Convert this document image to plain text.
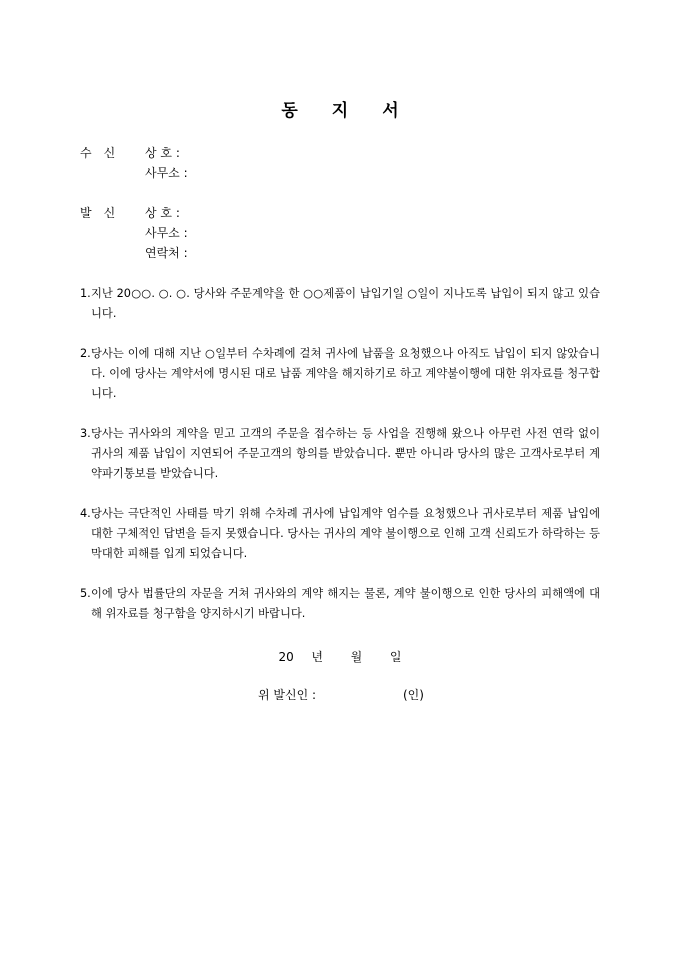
동 지 서
수 신 상 호 :
사무소 :
발 신 상 호 :
사무소 :
연락처 :
1. 지난 20○○. ○. ○. 당사와 주문계약을 한 ○○제품이 납입기일 ○일이 지나도록 납입이 되지 않고 있습니다.
2. 당사는 이에 대해 지난 ○일부터 수차례에 걸쳐 귀사에 납품을 요청했으나 아직도 납입이 되지 않았습니다. 이에 당사는 계약서에 명시된 대로 납품 계약을 해지하기로 하고 계약불이행에 대한 위자료를 청구합니다.
3. 당사는 귀사와의 계약을 믿고 고객의 주문을 접수하는 등 사업을 진행해 왔으나 아무런 사전 연락 없이 귀사의 제품 납입이 지연되어 주문고객의 항의를 받았습니다. 뿐만 아니라 당사의 많은 고객사로부터 계약파기통보를 받았습니다.
4. 당사는 극단적인 사태를 막기 위해 수차례 귀사에 납입계약 엄수를 요청했으나 귀사로부터 제품 납입에 대한 구체적인 답변을 듣지 못했습니다. 당사는 귀사의 계약 불이행으로 인해 고객 신뢰도가 하락하는 등 막대한 피해를 입게 되었습니다.
5. 이에 당사 법률단의 자문을 거쳐 귀사와의 계약 해지는 물론, 계약 불이행으로 인한 당사의 피해액에 대해 위자료를 청구함을 양지하시기 바랍니다.
20 년 월 일
위 발신인 :	(인)
